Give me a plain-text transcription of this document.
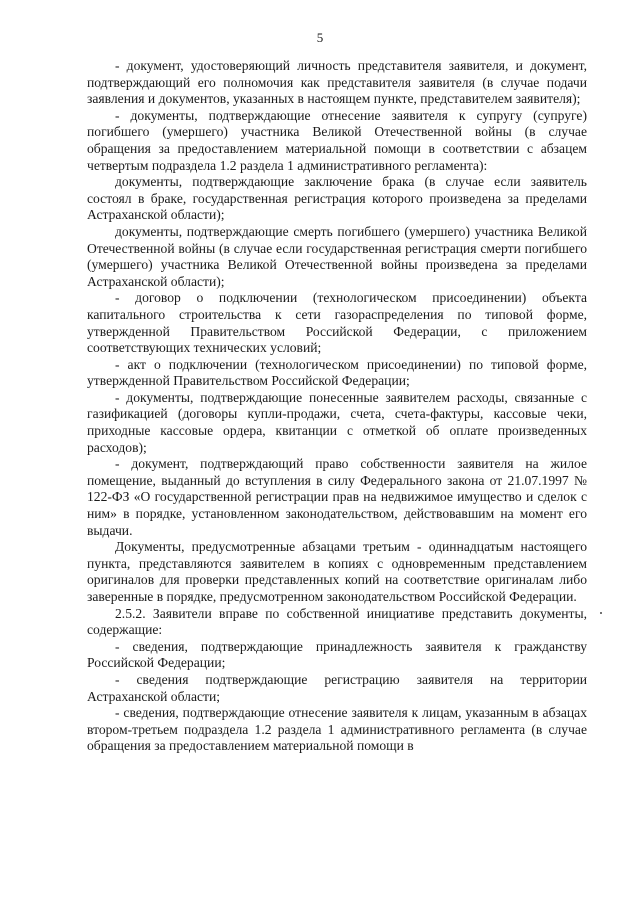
5

- документ, удостоверяющий личность представителя заявителя, и документ, подтверждающий его полномочия как представителя заявителя (в случае подачи заявления и документов, указанных в настоящем пункте, представителем заявителя);

- документы, подтверждающие отнесение заявителя к супругу (супруге) погибшего (умершего) участника Великой Отечественной войны (в случае обращения за предоставлением материальной помощи в соответствии с абзацем четвертым подраздела 1.2 раздела 1 административного регламента):

документы, подтверждающие заключение брака (в случае если заявитель состоял в браке, государственная регистрация которого произведена за пределами Астраханской области);

документы, подтверждающие смерть погибшего (умершего) участника Великой Отечественной войны (в случае если государственная регистрация смерти погибшего (умершего) участника Великой Отечественной войны произведена за пределами Астраханской области);

- договор о подключении (технологическом присоединении) объекта капитального строительства к сети газораспределения по типовой форме, утвержденной Правительством Российской Федерации, с приложением соответствующих технических условий;

- акт о подключении (технологическом присоединении) по типовой форме, утвержденной Правительством Российской Федерации;

- документы, подтверждающие понесенные заявителем расходы, связанные с газификацией (договоры купли-продажи, счета, счета-фактуры, кассовые чеки, приходные кассовые ордера, квитанции с отметкой об оплате произведенных расходов);

- документ, подтверждающий право собственности заявителя на жилое помещение, выданный до вступления в силу Федерального закона от 21.07.1997 № 122-ФЗ «О государственной регистрации прав на недвижимое имущество и сделок с ним» в порядке, установленном законодательством, действовавшим на момент его выдачи.

Документы, предусмотренные абзацами третьим - одиннадцатым настоящего пункта, представляются заявителем в копиях с одновременным представлением оригиналов для проверки представленных копий на соответствие оригиналам либо заверенные в порядке, предусмотренном законодательством Российской Федерации.

2.5.2. Заявители вправе по собственной инициативе представить документы, содержащие:

- сведения, подтверждающие принадлежность заявителя к гражданству Российской Федерации;

- сведения подтверждающие регистрацию заявителя на территории Астраханской области;

- сведения, подтверждающие отнесение заявителя к лицам, указанным в абзацах втором-третьем подраздела 1.2 раздела 1 административного регламента (в случае обращения за предоставлением материальной помощи в
